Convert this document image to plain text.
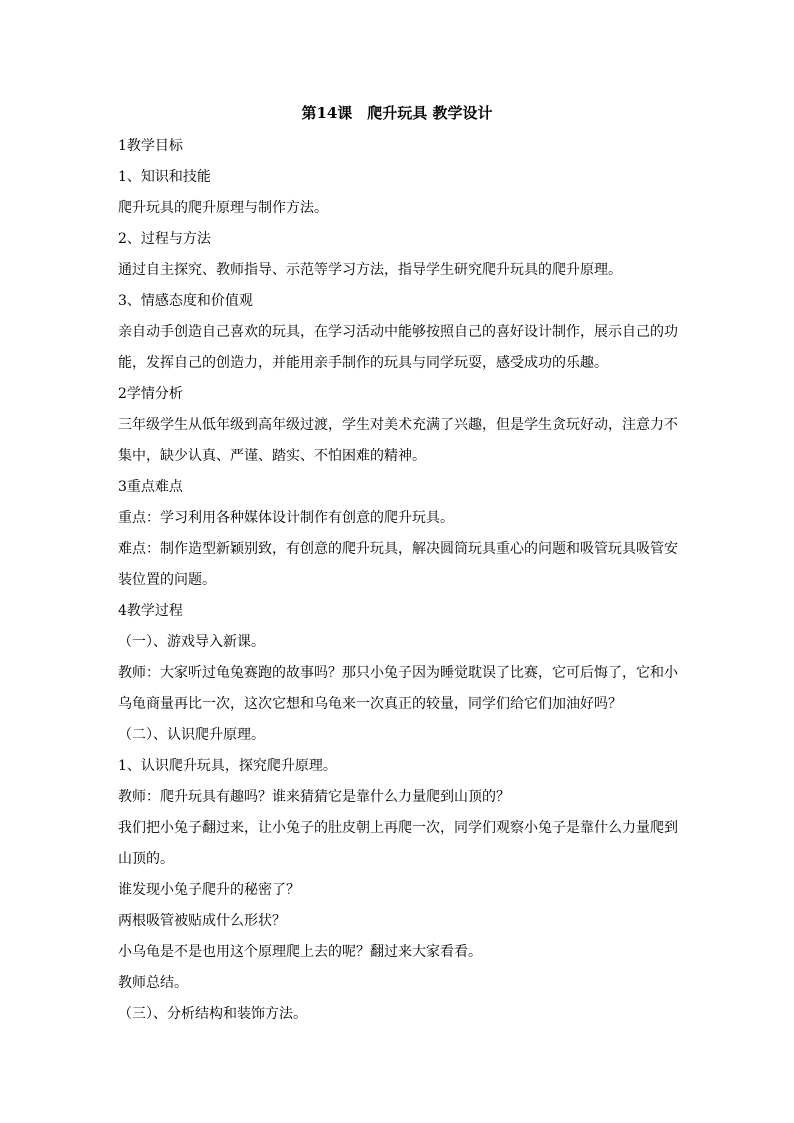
第14课　爬升玩具 教学设计

1教学目标

1、知识和技能

爬升玩具的爬升原理与制作方法。

2、过程与方法

通过自主探究、教师指导、示范等学习方法，指导学生研究爬升玩具的爬升原理。

3、情感态度和价值观

亲自动手创造自己喜欢的玩具，在学习活动中能够按照自己的喜好设计制作，展示自己的功

能，发挥自己的创造力，并能用亲手制作的玩具与同学玩耍，感受成功的乐趣。

2学情分析

三年级学生从低年级到高年级过渡，学生对美术充满了兴趣，但是学生贪玩好动，注意力不

集中，缺少认真、严谨、踏实、不怕困难的精神。

3重点难点

重点：学习利用各种媒体设计制作有创意的爬升玩具。

难点：制作造型新颖别致，有创意的爬升玩具，解决圆筒玩具重心的问题和吸管玩具吸管安

装位置的问题。

4教学过程

（一）、游戏导入新课。

教师：大家听过龟兔赛跑的故事吗？那只小兔子因为睡觉耽误了比赛，它可后悔了，它和小

乌龟商量再比一次，这次它想和乌龟来一次真正的较量，同学们给它们加油好吗？

（二）、认识爬升原理。

1、认识爬升玩具，探究爬升原理。

教师：爬升玩具有趣吗？谁来猜猜它是靠什么力量爬到山顶的？

我们把小兔子翻过来，让小兔子的肚皮朝上再爬一次，同学们观察小兔子是靠什么力量爬到

山顶的。

谁发现小兔子爬升的秘密了？

两根吸管被贴成什么形状？

小乌龟是不是也用这个原理爬上去的呢？翻过来大家看看。

教师总结。

（三）、分析结构和装饰方法。
